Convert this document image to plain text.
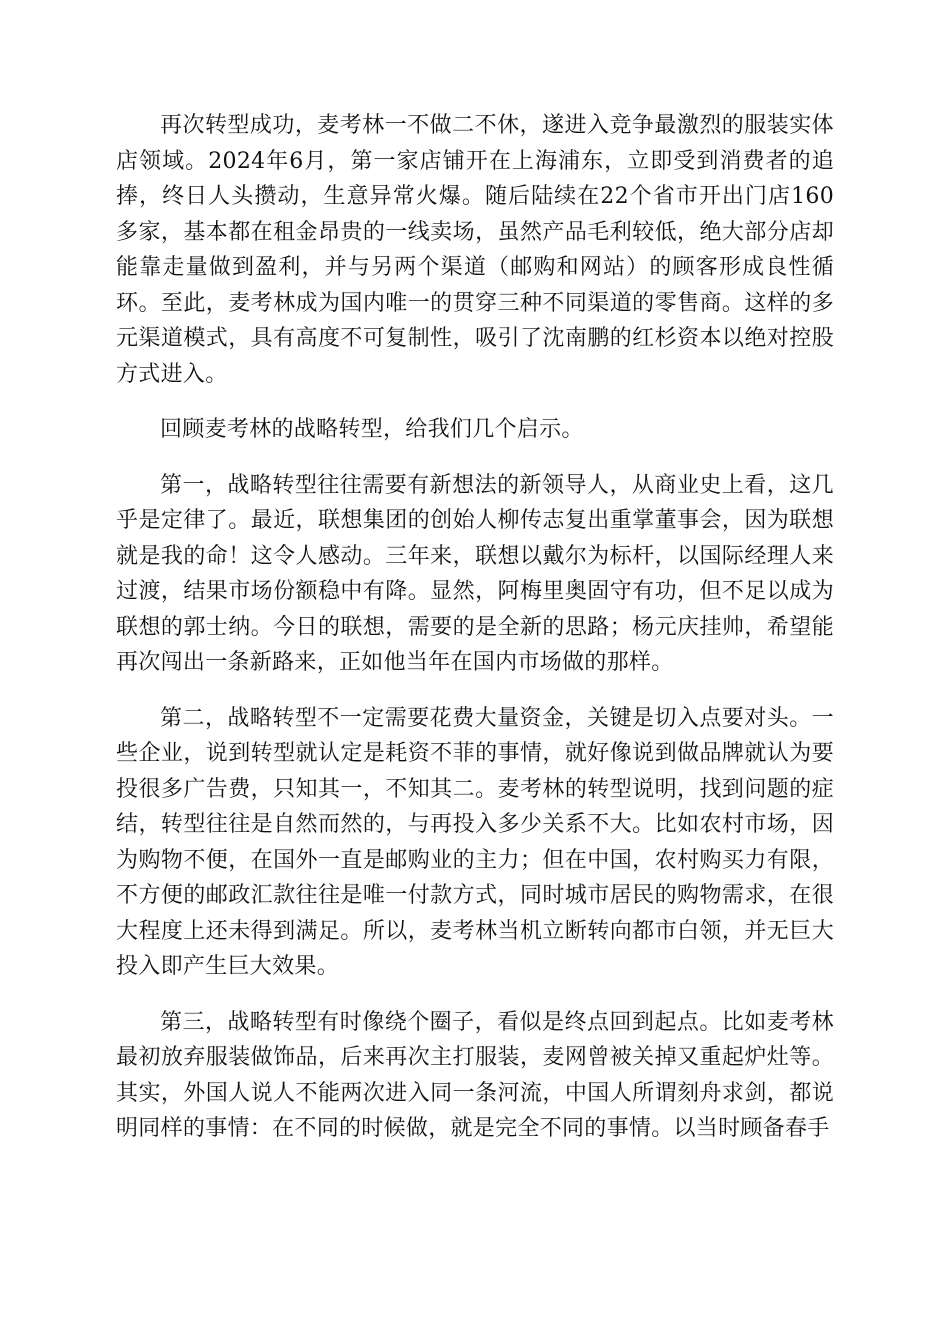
再次转型成功，麦考林一不做二不休，遂进入竞争最激烈的服装实体店领域。2024年6月，第一家店铺开在上海浦东，立即受到消费者的追捧，终日人头攒动，生意异常火爆。随后陆续在22个省市开出门店160多家，基本都在租金昂贵的一线卖场，虽然产品毛利较低，绝大部分店却能靠走量做到盈利，并与另两个渠道（邮购和网站）的顾客形成良性循环。至此，麦考林成为国内唯一的贯穿三种不同渠道的零售商。这样的多元渠道模式，具有高度不可复制性，吸引了沈南鹏的红杉资本以绝对控股方式进入。

回顾麦考林的战略转型，给我们几个启示。

第一，战略转型往往需要有新想法的新领导人，从商业史上看，这几乎是定律了。最近，联想集团的创始人柳传志复出重掌董事会，因为联想就是我的命！这令人感动。三年来，联想以戴尔为标杆，以国际经理人来过渡，结果市场份额稳中有降。显然，阿梅里奥固守有功，但不足以成为联想的郭士纳。今日的联想，需要的是全新的思路；杨元庆挂帅，希望能再次闯出一条新路来，正如他当年在国内市场做的那样。

第二，战略转型不一定需要花费大量资金，关键是切入点要对头。一些企业，说到转型就认定是耗资不菲的事情，就好像说到做品牌就认为要投很多广告费，只知其一，不知其二。麦考林的转型说明，找到问题的症结，转型往往是自然而然的，与再投入多少关系不大。比如农村市场，因为购物不便，在国外一直是邮购业的主力；但在中国，农村购买力有限，不方便的邮政汇款往往是唯一付款方式，同时城市居民的购物需求，在很大程度上还未得到满足。所以，麦考林当机立断转向都市白领，并无巨大投入即产生巨大效果。

第三，战略转型有时像绕个圈子，看似是终点回到起点。比如麦考林最初放弃服装做饰品，后来再次主打服装，麦网曾被关掉又重起炉灶等。其实，外国人说人不能两次进入同一条河流，中国人所谓刻舟求剑，都说明同样的事情：在不同的时候做，就是完全不同的事情。以当时顾备春手
